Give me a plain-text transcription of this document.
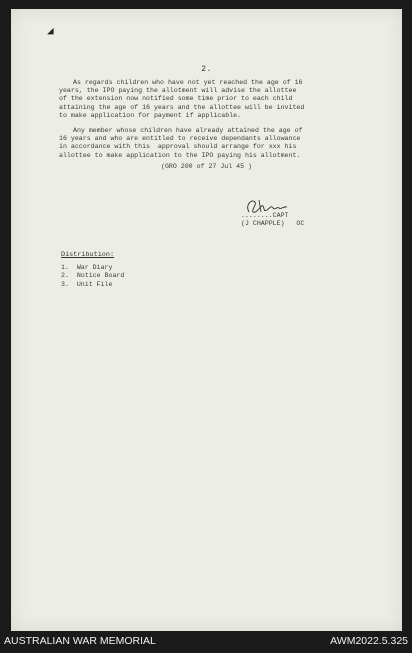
◢
2.
As regards children who have not yet reached the age of 16
years, the IPO paying the allotment will advise the allottee
of the extension now notified some time prior to each child
attaining the age of 16 years and the allottee will be invited
to make application for payment if applicable.
Any member whose children have already attained the age of
16 years and who are entitled to receive dependants allowance
in accordance with this  approval should arrange for xxx his
allottee to make application to the IPO paying his allotment.
(GRO 200 of 27 Jul 45 )
........CAPT
(J CHAPPLE)   OC
Distribution:
1.  War Diary
2.  Notice Board
3.  Unit File
AUSTRALIAN WAR MEMORIAL	AWM2022.5.325
